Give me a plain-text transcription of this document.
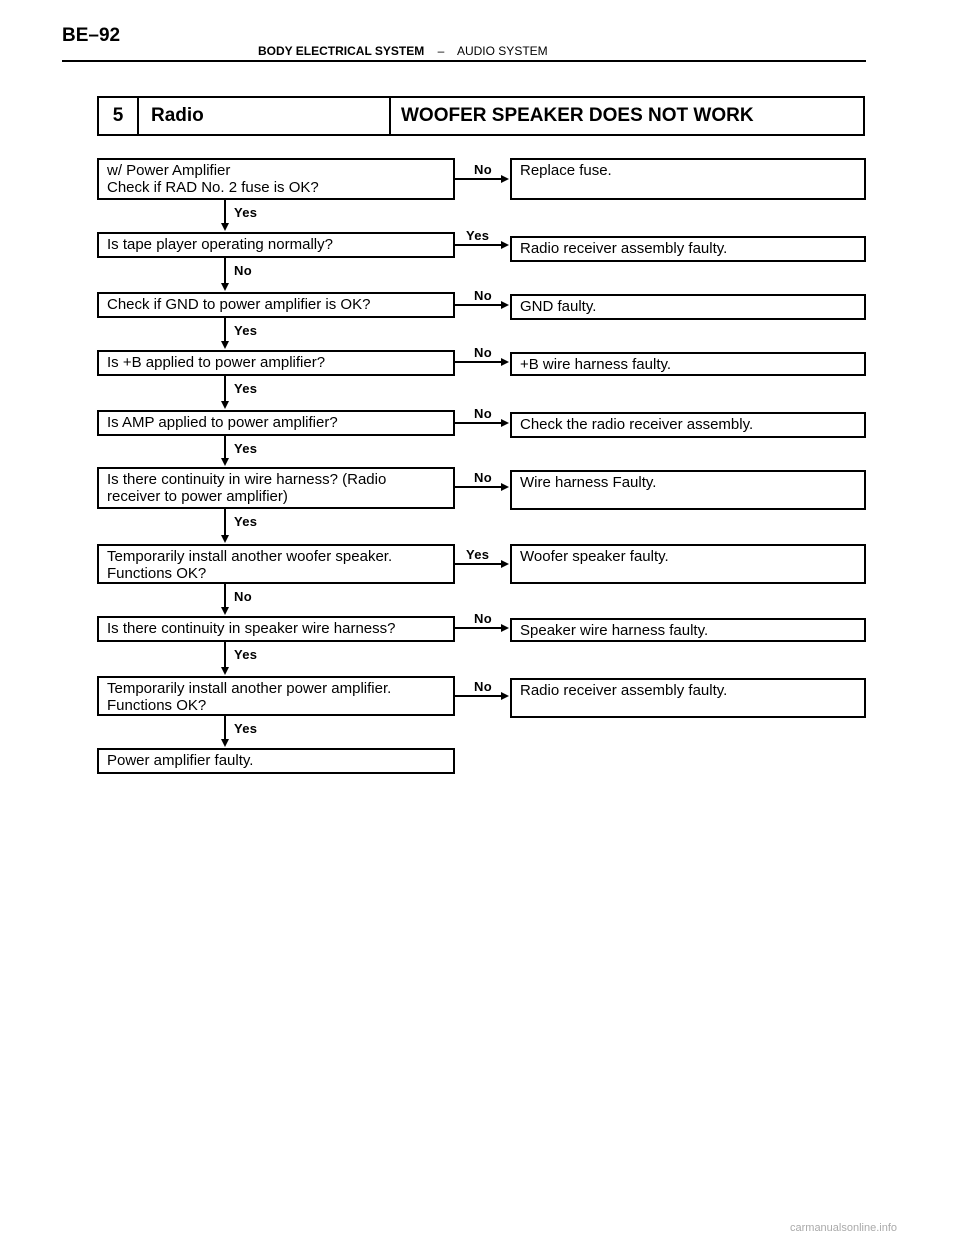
BE–92
BODY ELECTRICAL SYSTEM – AUDIO SYSTEM
5	Radio	WOOFER SPEAKER DOES NOT WORK
w/ Power Amplifier
Check if RAD No. 2 fuse is OK?
Replace fuse.
No
Yes
Is tape player operating normally?	Radio receiver assembly faulty.
Yes
No
Check if GND to power amplifier is OK?	GND faulty.
No
Yes
Is +B applied to power amplifier?	+B wire harness faulty.
No
Yes
Is AMP applied to power amplifier?	Check the radio receiver assembly.
No
Yes
Is there continuity in wire harness? (Radio
receiver to power amplifier)
Wire harness Faulty.
No
Yes
Temporarily install another woofer speaker.
Functions OK?
Woofer speaker faulty.
Yes
No
Is there continuity in speaker wire harness?	Speaker wire harness faulty.
No
Yes
Temporarily install another power amplifier.
Functions OK?
Radio receiver assembly faulty.
No
Yes
Power amplifier faulty.
carmanualsonline.info
